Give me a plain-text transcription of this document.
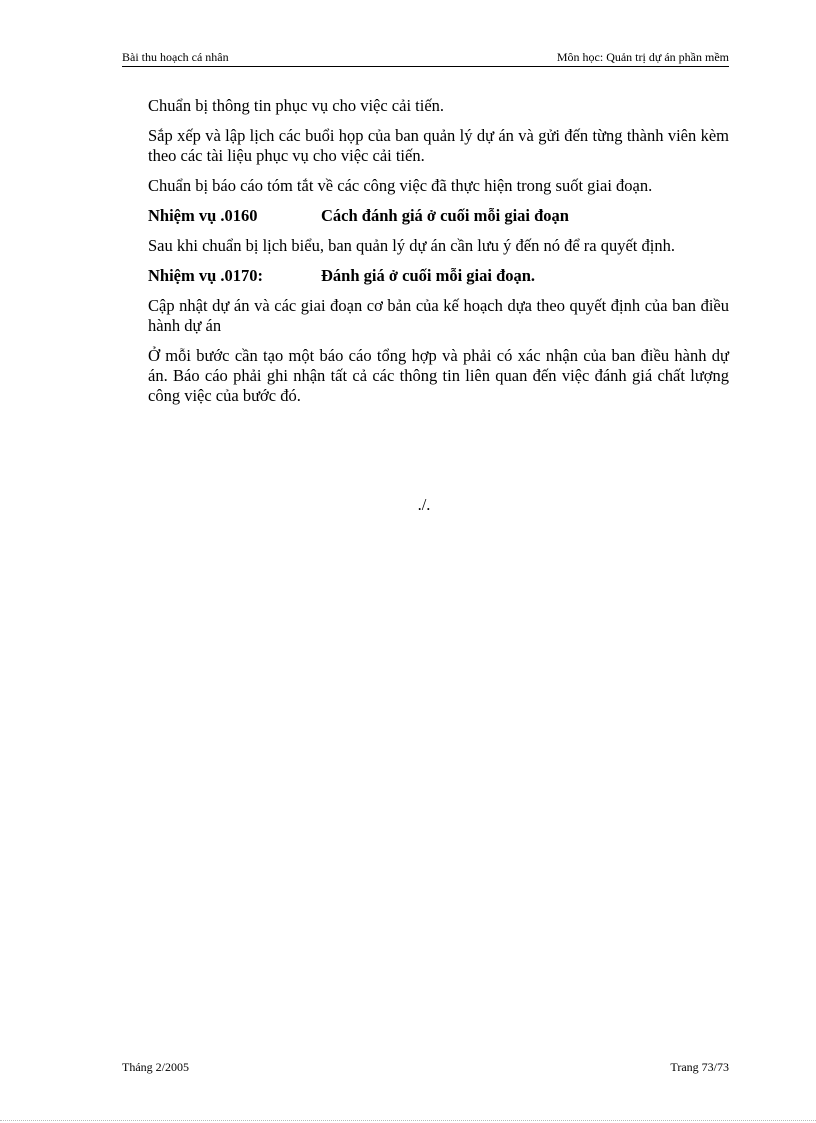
Bài thu hoạch cá nhân	Môn học: Quản trị dự án phần mềm

Chuẩn bị thông tin phục vụ cho việc cải tiến.

Sắp xếp và lập lịch các buổi họp của ban quản lý dự án và gửi đến từng thành viên kèm theo các tài liệu phục vụ cho việc cải tiến.

Chuẩn bị báo cáo tóm tắt về các công việc đã thực hiện trong suốt giai đoạn.

Nhiệm vụ .0160	Cách đánh giá ở cuối mỗi giai đoạn

Sau khi chuẩn bị lịch biểu, ban quản lý dự án cần lưu ý đến nó để ra quyết định.

Nhiệm vụ .0170:	Đánh giá ở cuối mỗi giai đoạn.

Cập nhật dự án và các giai đoạn cơ bản của kế hoạch dựa theo quyết định của ban điều hành dự án

Ở mỗi bước cần tạo một báo cáo tổng hợp và phải có xác nhận của ban điều hành dự án. Báo cáo phải ghi nhận tất cả các thông tin liên quan đến việc đánh giá chất lượng công việc của bước đó.

./.
Tháng 2/2005	Trang 73/73
